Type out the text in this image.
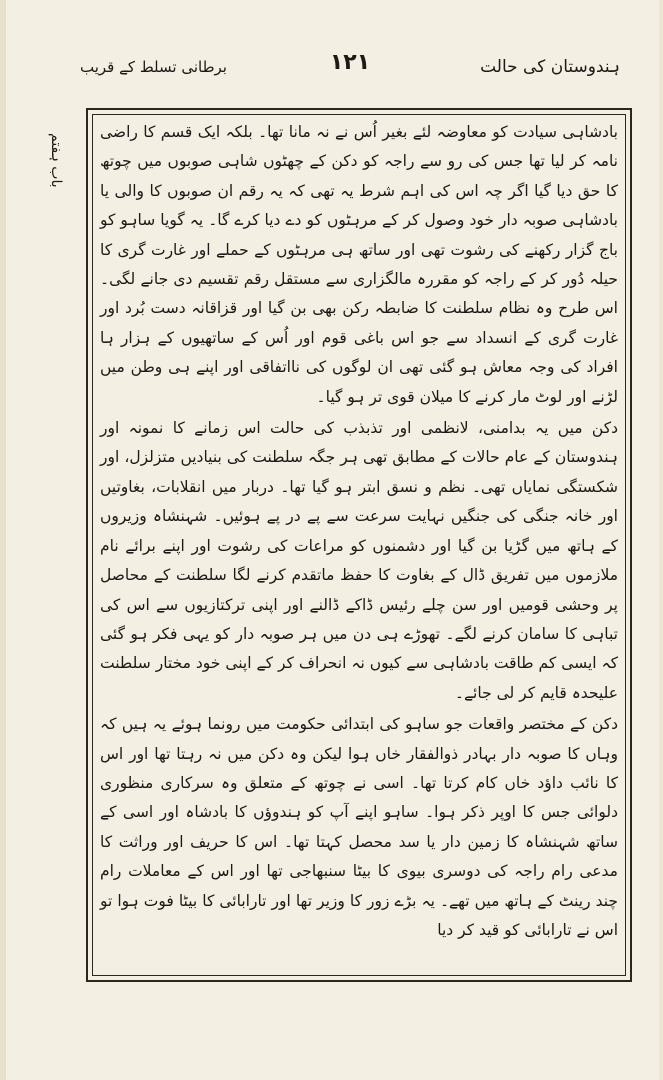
ہندوستان کی حالت
۱۲۱
برطانی تسلط کے قریب
باب ہفتم

بادشاہی سیادت کو معاوضہ لئے بغیر اُس نے نہ مانا تھا۔ بلکہ ایک قسم کا راضی نامہ کر لیا تھا جس کی رو سے راجہ کو دکن کے چھٹوں شاہی صوبوں میں چوتھ کا حق دیا گیا اگر چہ اس کی اہم شرط یہ تھی کہ یہ رقم ان صوبوں کا والی یا بادشاہی صوبہ دار خود وصول کر کے مرہٹوں کو دے دیا کرے گا۔ یہ گویا ساہو کو باج گزار رکھنے کی رشوت تھی اور ساتھ ہی مرہٹوں کے حملے اور غارت گری کا حیلہ دُور کر کے راجہ کو مقررہ مالگزاری سے مستقل رقم تقسیم دی جانے لگی۔ اس طرح وہ نظام سلطنت کا ضابطہ رکن بھی بن گیا اور قزاقانہ دست بُرد اور غارت گری کے انسداد سے جو اس باغی قوم اور اُس کے ساتھیوں کے ہزار ہا افراد کی وجہ معاش ہو گئی تھی ان لوگوں کی نااتفاقی اور اپنے ہی وطن میں لڑنے اور لوٹ مار کرنے کا میلان قوی تر ہو گیا۔

دکن میں یہ بدامنی، لانظمی اور تذبذب کی حالت اس زمانے کا نمونہ اور ہندوستان کے عام حالات کے مطابق تھی ہر جگہ سلطنت کی بنیادیں متزلزل، اور شکستگی نمایاں تھی۔ نظم و نسق ابتر ہو گیا تھا۔ دربار میں انقلابات، بغاوتیں اور خانہ جنگی کی جنگیں نہایت سرعت سے پے در پے ہوئیں۔ شہنشاہ وزیروں کے ہاتھ میں گڑیا بن گیا اور دشمنوں کو مراعات کی رشوت اور اپنے برائے نام ملازموں میں تفریق ڈال کے بغاوت کا حفظ ماتقدم کرنے لگا سلطنت کے محاصل پر وحشی قومیں اور سن چلے رئیس ڈاکے ڈالنے اور اپنی ترکتازیوں سے اس کی تباہی کا سامان کرنے لگے۔ تھوڑے ہی دن میں ہر صوبہ دار کو یہی فکر ہو گئی کہ ایسی کم طاقت بادشاہی سے کیوں نہ انحراف کر کے اپنی خود مختار سلطنت علیحدہ قایم کر لی جائے۔

دکن کے مختصر واقعات جو ساہو کی ابتدائی حکومت میں رونما ہوئے یہ ہیں کہ وہاں کا صوبہ دار بہادر ذوالفقار خاں ہوا لیکن وہ دکن میں نہ رہتا تھا اور اس کا نائب داؤد خاں کام کرتا تھا۔ اسی نے چوتھ کے متعلق وہ سرکاری منظوری دلوائی جس کا اوپر ذکر ہوا۔ ساہو اپنے آپ کو ہندوؤں کا بادشاہ اور اسی کے ساتھ شہنشاہ کا زمین دار یا سد محصل کہتا تھا۔ اس کا حریف اور وراثت کا مدعی رام راجہ کی دوسری بیوی کا بیٹا سنبھاجی تھا اور اس کے معاملات رام چند رینٹ کے ہاتھ میں تھے۔ یہ بڑے زور کا وزیر تھا اور تارابائی کا بیٹا فوت ہوا تو اس نے تارابائی کو قید کر دیا
